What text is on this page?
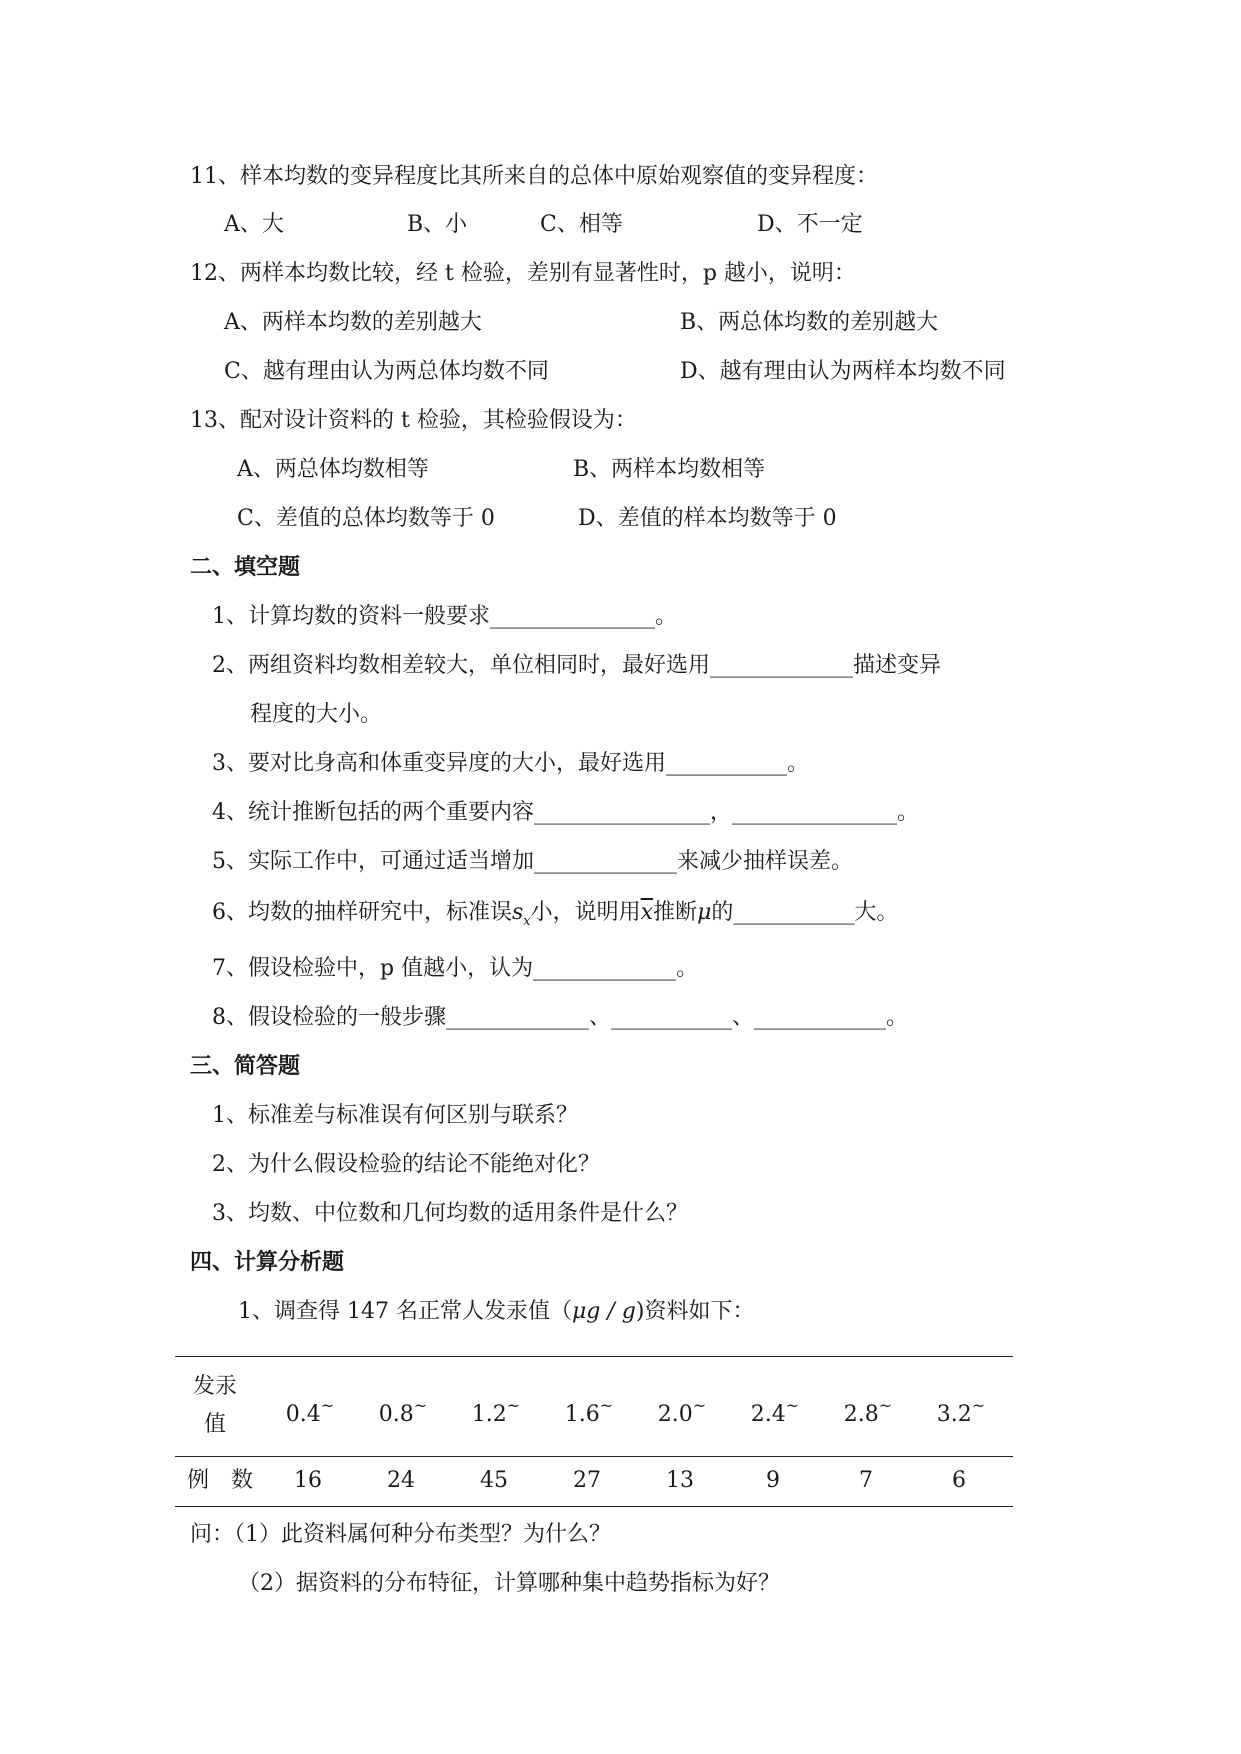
11、样本均数的变异程度比其所来自的总体中原始观察值的变异程度：
A、大	B、小	C、相等	D、不一定
12、两样本均数比较，经 t 检验，差别有显著性时，p 越小，说明：
A、两样本均数的差别越大	B、两总体均数的差别越大
C、越有理由认为两总体均数不同	D、越有理由认为两样本均数不同
13、配对设计资料的 t 检验，其检验假设为：
A、两总体均数相等	B、两样本均数相等
C、差值的总体均数等于 0	D、差值的样本均数等于 0
二、填空题
1、计算均数的资料一般要求_______________。
2、两组资料均数相差较大，单位相同时，最好选用_____________描述变异
程度的大小。
3、要对比身高和体重变异度的大小，最好选用___________。
4、统计推断包括的两个重要内容________________，_______________。
5、实际工作中，可通过适当增加_____________来减少抽样误差。
6、均数的抽样研究中，标准误$s_x$小，说明用$\overline{x}$推断μ的___________大。
7、假设检验中，p 值越小，认为_____________。
8、假设检验的一般步骤_____________、___________、____________。
三、简答题
1、标准差与标准误有何区别与联系？
2、为什么假设检验的结论不能绝对化？
3、均数、中位数和几何均数的适用条件是什么？
四、计算分析题
1、调查得 147 名正常人发汞值（μg / g)资料如下：
发汞
值	0.4~ 0.8~ 1.2~ 1.6~ 2.0~ 2.4~ 2.8~ 3.2~
例　数	16	24	45	27	13	9	7	6
问：（1）此资料属何种分布类型？为什么？
（2）据资料的分布特征，计算哪种集中趋势指标为好？
